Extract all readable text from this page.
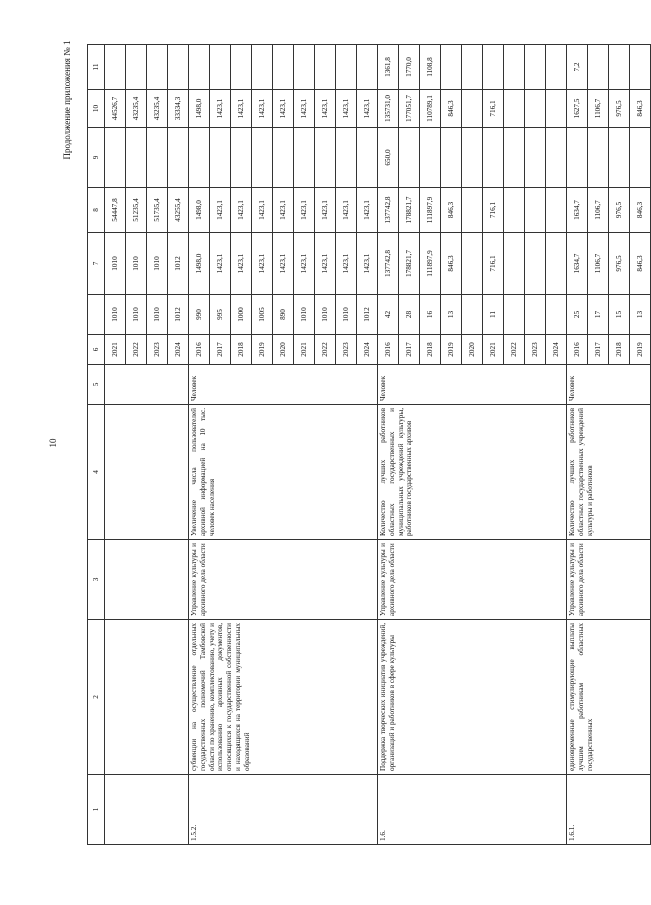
10
Продолжение приложения № 1
1	2	3	4	5	6		7	8	9	10	11	
					2021	1010	1010	54447,8		44526,7		
					2022	1010	1010	51235,4		43235,4		
					2023	1010	1010	51735,4		43235,4		
					2024	1012	1012	43255,4		33334,3		
1.5.2.	субвенции на осуществление отдельных государственных полномочий Тамбовской области по хранению, комплектованию, учету и использованию архивных документов, относящихся к государственной собственности и находящихся на территории муниципальных образований	Управление культуры и архивного дела области	Увеличение числа пользователей архивной информацией на 10 тыс. человек населения	Человек	2016	990	1498,0	1498,0		1498,0		
					2017	995	1423,1	1423,1		1423,1		
					2018	1000	1423,1	1423,1		1423,1		
					2019	1005	1423,1	1423,1		1423,1		
					2020	890	1423,1	1423,1		1423,1		
					2021	1010	1423,1	1423,1		1423,1		
					2022	1010	1423,1	1423,1		1423,1		
					2023	1010	1423,1	1423,1		1423,1		
					2024	1012	1423,1	1423,1		1423,1		
1.6.	Поддержка творческих инициатив учреждений, организаций и работников в сфере культуры	Управление культуры и архивного дела области	Количество лучших работников областных государственных и муниципальных учреждений культуры, работников государственных архивов	Человек	2016	42	137742,8	137742,8	650,0	135731,0	1361,8	
					2017	28	178821,7	178821,7		177051,7	1770,0	
					2018	16	111897,9	111897,9		110789,1	1108,8	
					2019	13	846,3	846,3		846,3		
					2020							
					2021	11	716,1	716,1		716,1		
					2022							
					2023							
					2024							
1.6.1.	единовременные стимулирующие выплаты лучшим работникам областных государственных	Управление культуры и архивного дела области	Количество лучших работников областных государственных учреждений культуры и работников	Человек	2016	25	1634,7	1634,7		1627,5	7,2	
					2017	17	1106,7	1106,7		1106,7		
					2018	15	976,5	976,5		976,5		
					2019	13	846,3	846,3		846,3		
